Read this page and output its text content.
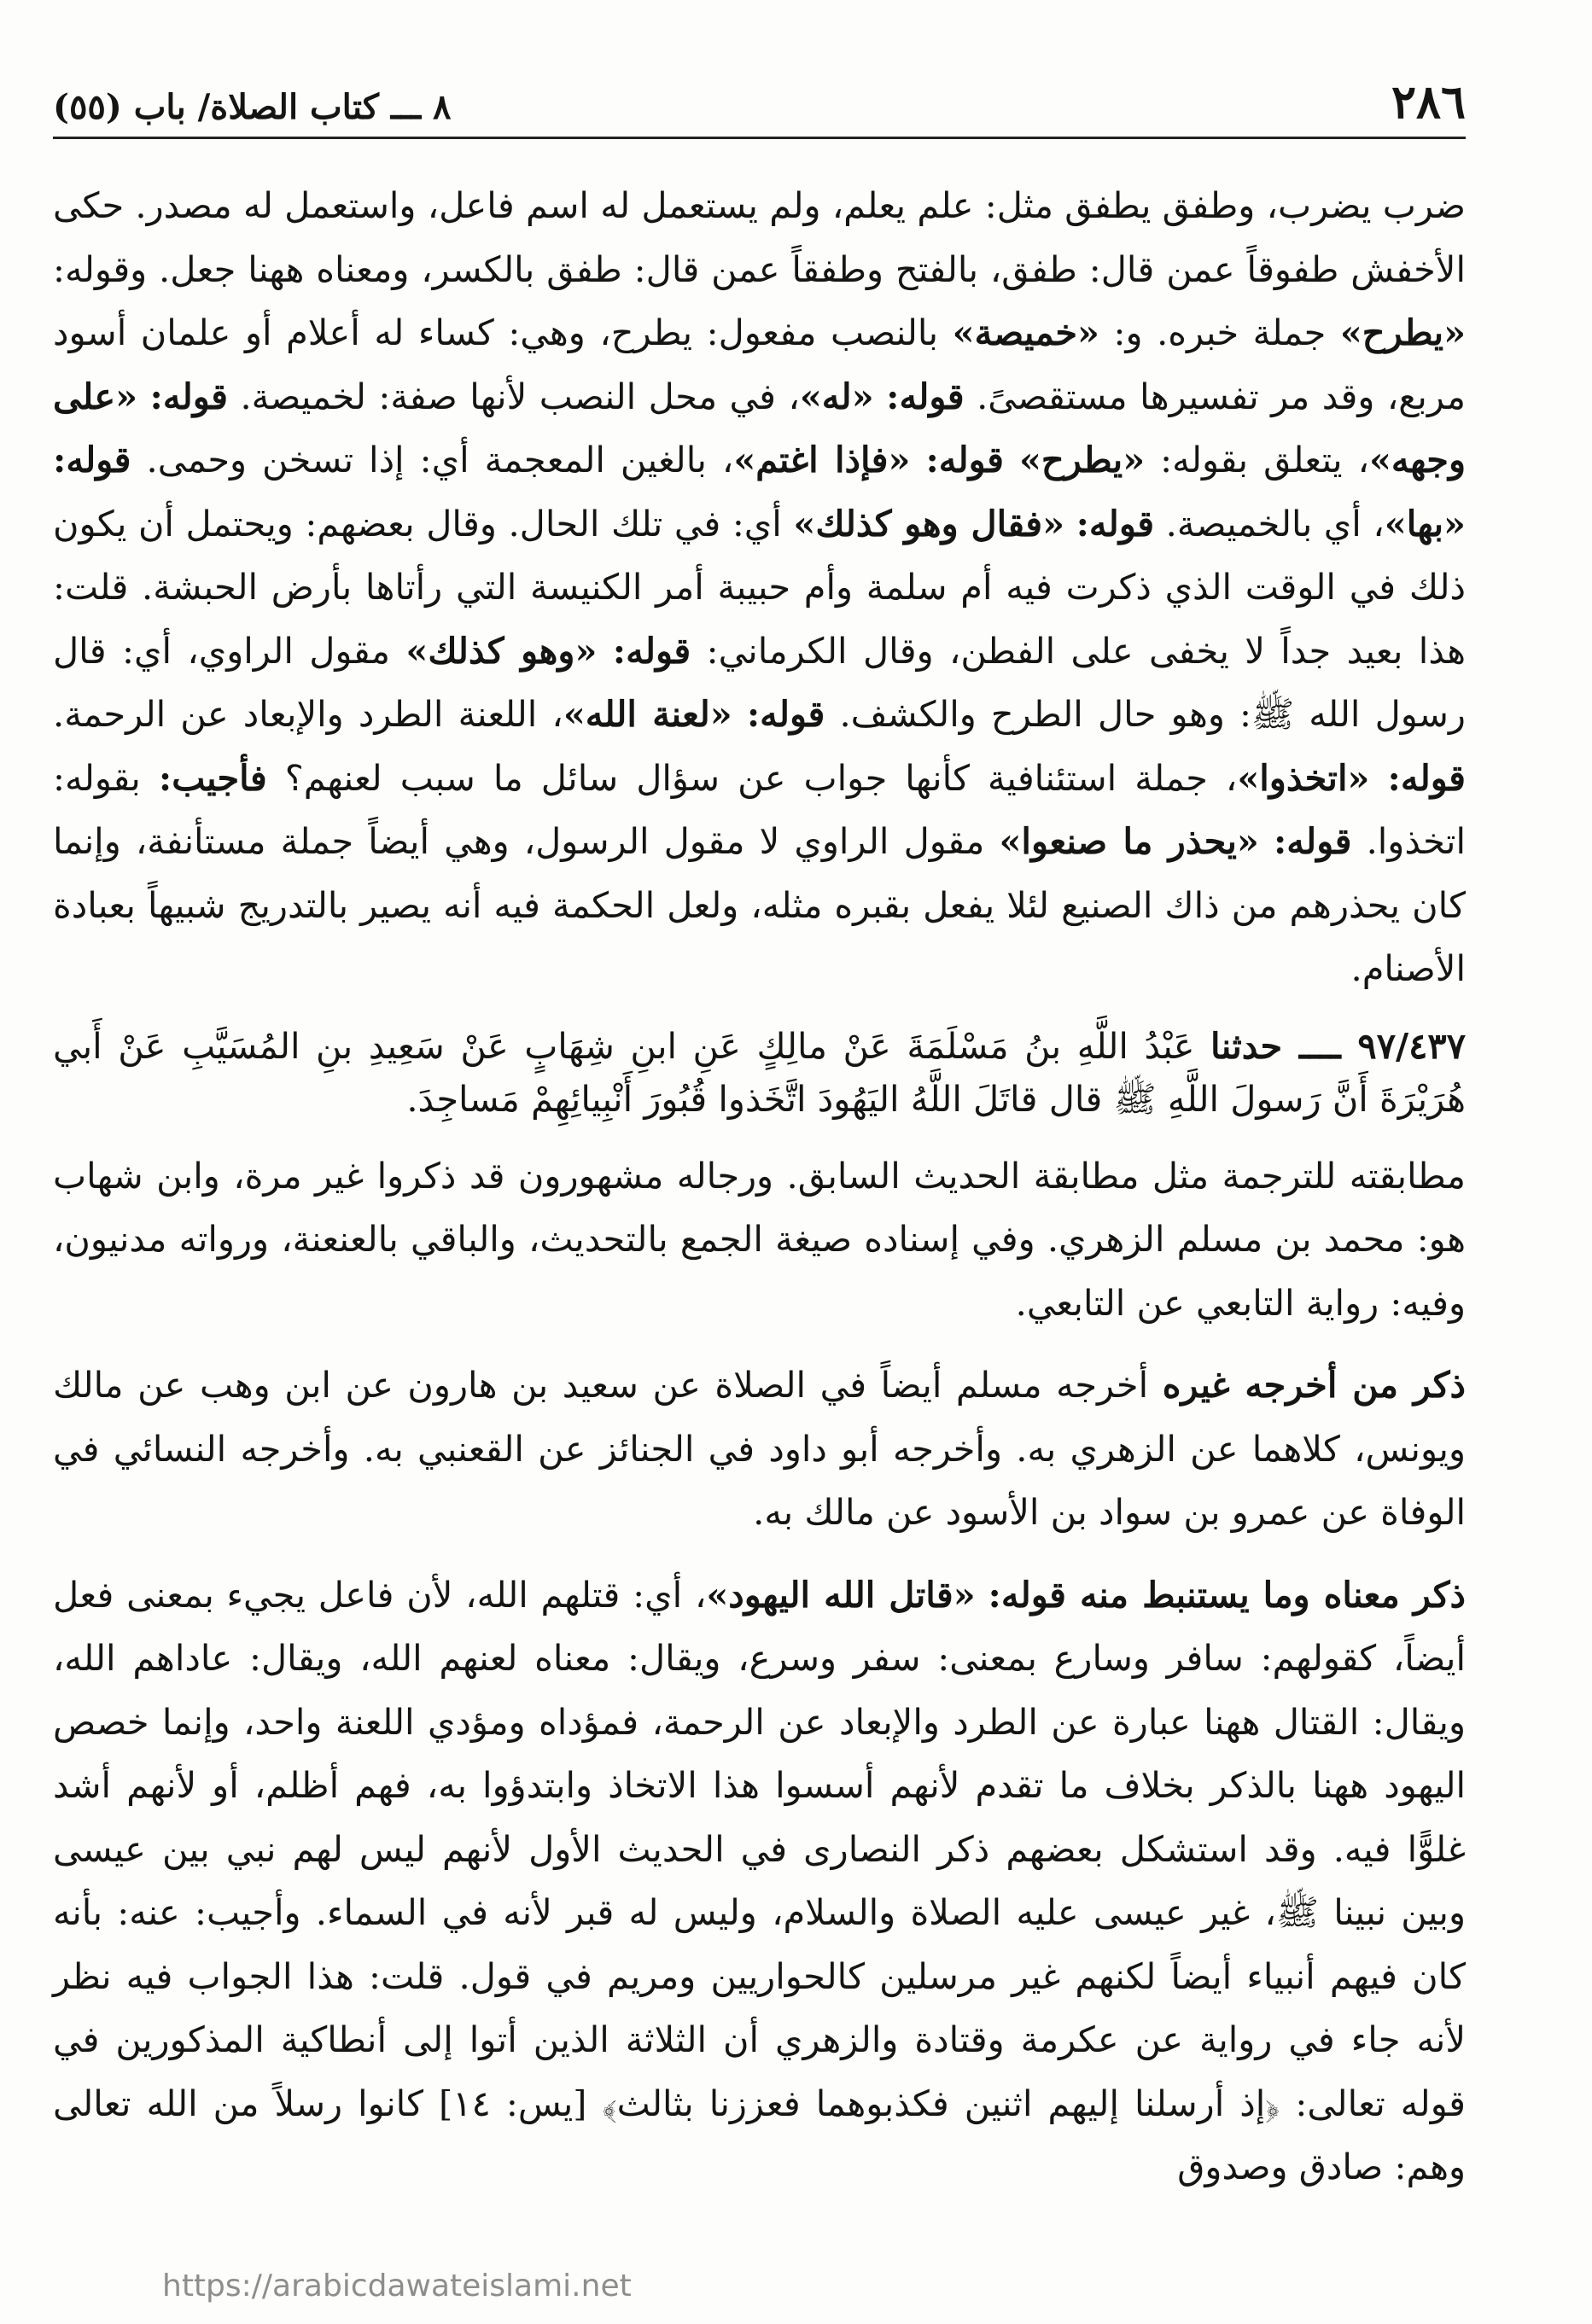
٢٨٦
٨ ـــ كتاب الصلاة/ باب (٥٥)

ضرب يضرب، وطفق يطفق مثل: علم يعلم، ولم يستعمل له اسم فاعل، واستعمل له مصدر. حكى الأخفش طفوقاً عمن قال: طفق، بالفتح وطفقاً عمن قال: طفق بالكسر، ومعناه ههنا جعل. وقوله: «يطرح» جملة خبره. و: «خميصة» بالنصب مفعول: يطرح، وهي: كساء له أعلام أو علمان أسود مربع، وقد مر تفسيرها مستقصىً. قوله: «له»، في محل النصب لأنها صفة: لخميصة. قوله: «على وجهه»، يتعلق بقوله: «يطرح» قوله: «فإذا اغتم»، بالغين المعجمة أي: إذا تسخن وحمى. قوله: «بها»، أي بالخميصة. قوله: «فقال وهو كذلك» أي: في تلك الحال. وقال بعضهم: ويحتمل أن يكون ذلك في الوقت الذي ذكرت فيه أم سلمة وأم حبيبة أمر الكنيسة التي رأتاها بأرض الحبشة. قلت: هذا بعيد جداً لا يخفى على الفطن، وقال الكرماني: قوله: «وهو كذلك» مقول الراوي، أي: قال رسول الله ﷺ: وهو حال الطرح والكشف. قوله: «لعنة الله»، اللعنة الطرد والإبعاد عن الرحمة. قوله: «اتخذوا»، جملة استئنافية كأنها جواب عن سؤال سائل ما سبب لعنهم؟ فأجيب: بقوله: اتخذوا. قوله: «يحذر ما صنعوا» مقول الراوي لا مقول الرسول، وهي أيضاً جملة مستأنفة، وإنما كان يحذرهم من ذاك الصنيع لئلا يفعل بقبره مثله، ولعل الحكمة فيه أنه يصير بالتدريج شبيهاً بعبادة الأصنام.

٩٧/٤٣٧ ــــ حدثنا عَبْدُ اللَّهِ بنُ مَسْلَمَةَ عَنْ مالِكٍ عَنِ ابنِ شِهَابٍ عَنْ سَعِيدِ بنِ المُسَيَّبِ عَنْ أَبي هُرَيْرَةَ أَنَّ رَسولَ اللَّهِ ﷺ قال قاتَلَ اللَّهُ اليَهُودَ اتَّخَذوا قُبُورَ أَنْبِيائِهِمْ مَساجِدَ.

مطابقته للترجمة مثل مطابقة الحديث السابق. ورجاله مشهورون قد ذكروا غير مرة، وابن شهاب هو: محمد بن مسلم الزهري. وفي إسناده صيغة الجمع بالتحديث، والباقي بالعنعنة، ورواته مدنيون، وفيه: رواية التابعي عن التابعي.

ذكر من أخرجه غيره أخرجه مسلم أيضاً في الصلاة عن سعيد بن هارون عن ابن وهب عن مالك ويونس، كلاهما عن الزهري به. وأخرجه أبو داود في الجنائز عن القعنبي به. وأخرجه النسائي في الوفاة عن عمرو بن سواد بن الأسود عن مالك به.

ذكر معناه وما يستنبط منه قوله: «قاتل الله اليهود»، أي: قتلهم الله، لأن فاعل يجيء بمعنى فعل أيضاً، كقولهم: سافر وسارع بمعنى: سفر وسرع، ويقال: معناه لعنهم الله، ويقال: عاداهم الله، ويقال: القتال ههنا عبارة عن الطرد والإبعاد عن الرحمة، فمؤداه ومؤدي اللعنة واحد، وإنما خصص اليهود ههنا بالذكر بخلاف ما تقدم لأنهم أسسوا هذا الاتخاذ وابتدؤوا به، فهم أظلم، أو لأنهم أشد غلوًّا فيه. وقد استشكل بعضهم ذكر النصارى في الحديث الأول لأنهم ليس لهم نبي بين عيسى وبين نبينا ﷺ، غير عيسى عليه الصلاة والسلام، وليس له قبر لأنه في السماء. وأجيب: عنه: بأنه كان فيهم أنبياء أيضاً لكنهم غير مرسلين كالحواريين ومريم في قول. قلت: هذا الجواب فيه نظر لأنه جاء في رواية عن عكرمة وقتادة والزهري أن الثلاثة الذين أتوا إلى أنطاكية المذكورين في قوله تعالى: ﴿إذ أرسلنا إليهم اثنين فكذبوهما فعززنا بثالث﴾ [يس: ١٤] كانوا رسلاً من الله تعالى وهم: صادق وصدوق

https://arabicdawateislami.net
